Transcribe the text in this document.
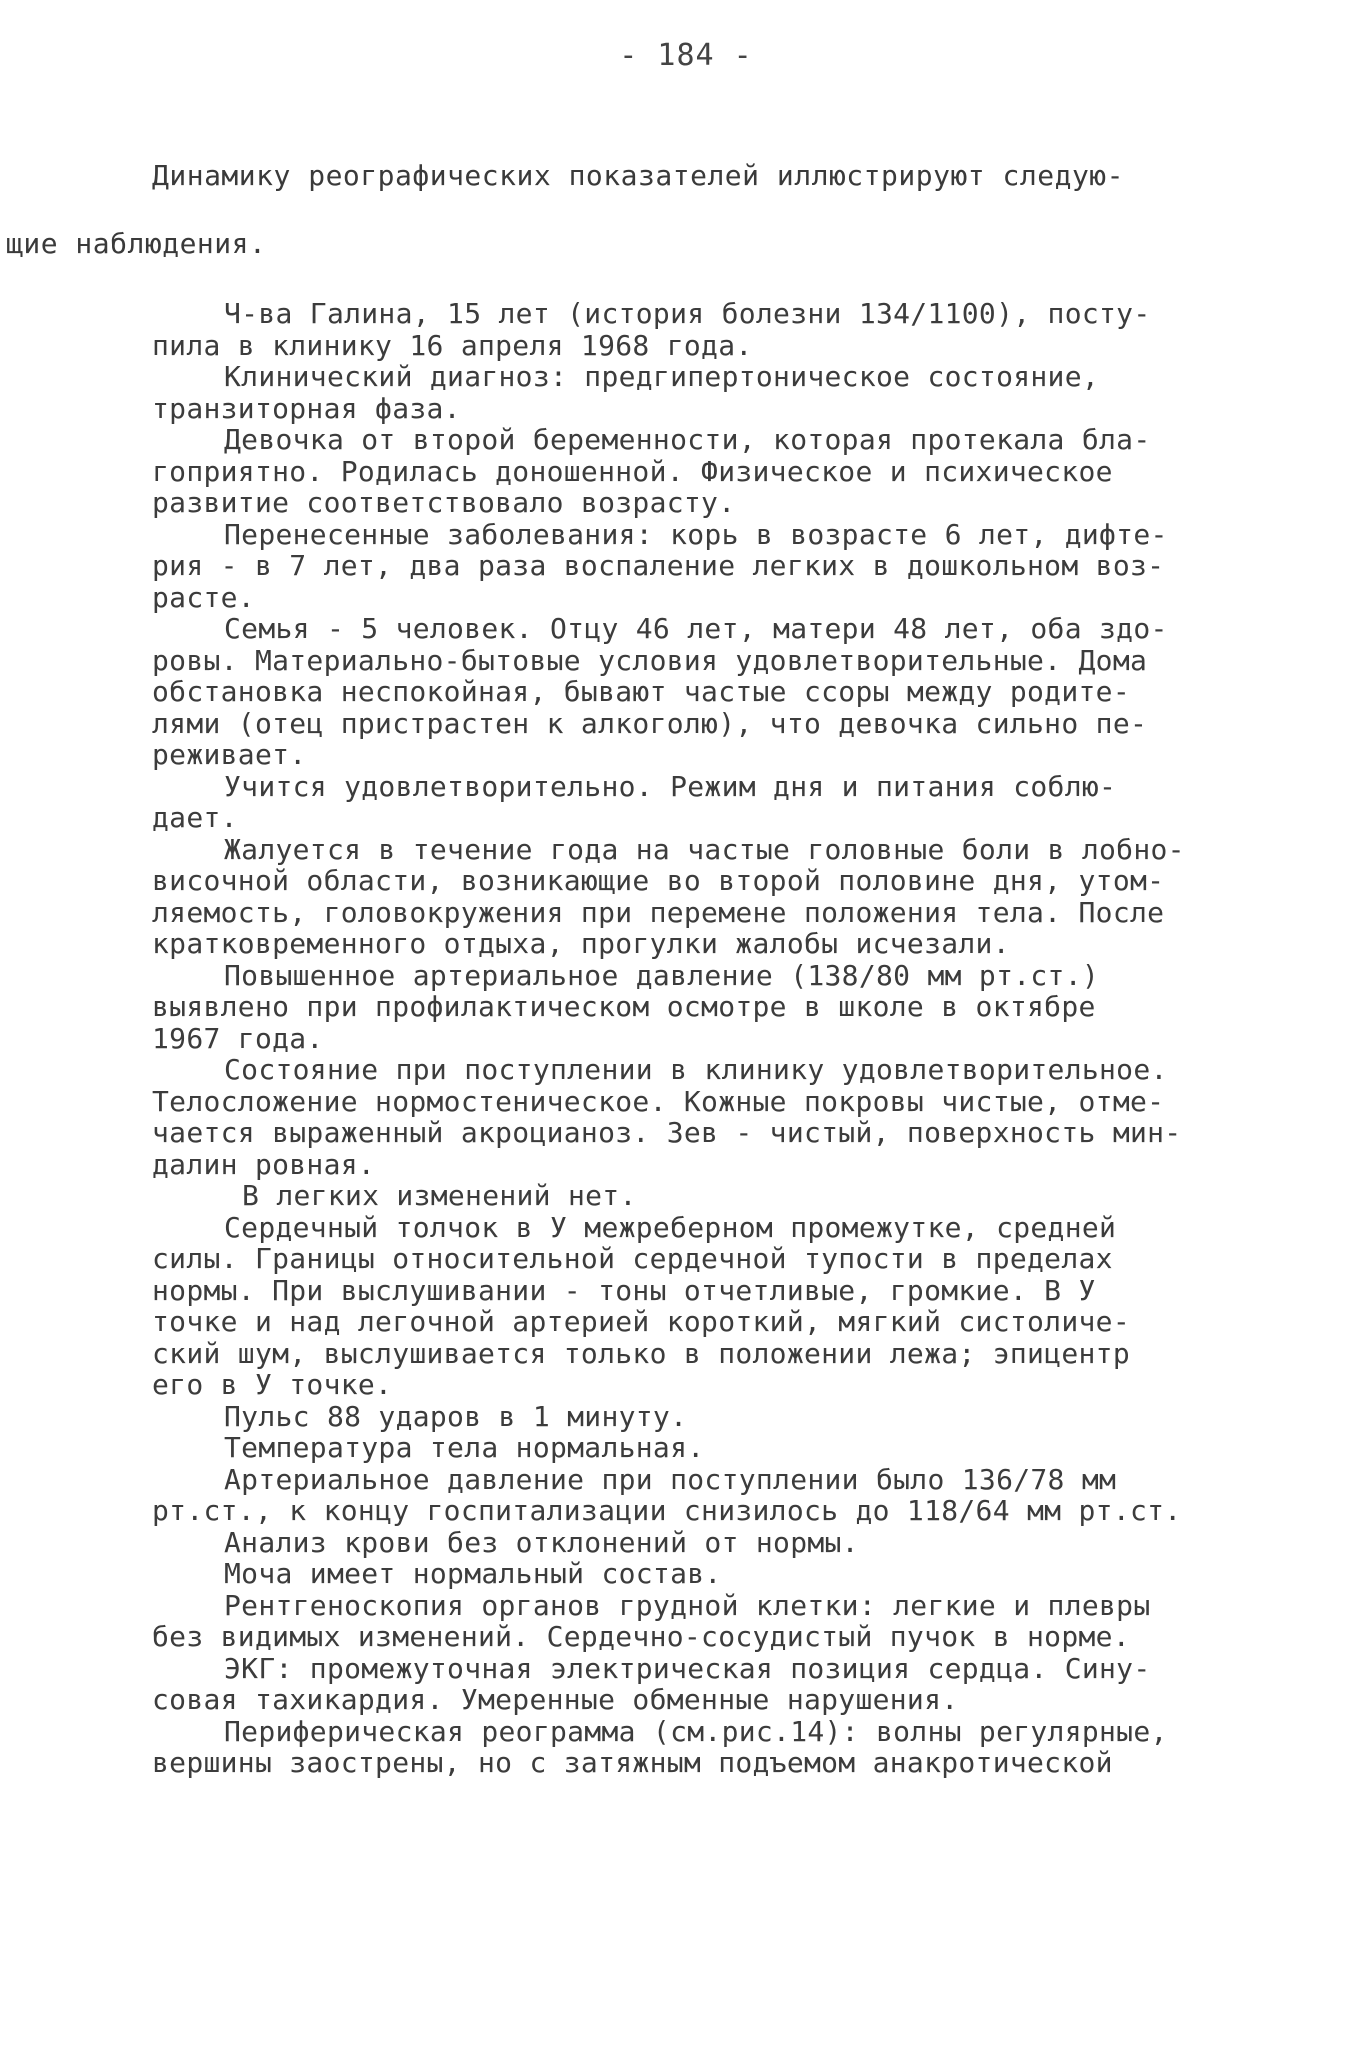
- 184 -
Динамику реографических показателей иллюстрируют следую-
щие наблюдения.
Ч-ва Галина, 15 лет (история болезни 134/1100), посту-
пила в клинику 16 апреля 1968 года.
Клинический диагноз: предгипертоническое состояние,
транзиторная фаза.
Девочка от второй беременности, которая протекала бла-
гоприятно. Родилась доношенной. Физическое и психическое
развитие соответствовало возрасту.
Перенесенные заболевания: корь в возрасте 6 лет, дифте-
рия - в 7 лет, два раза воспаление легких в дошкольном воз-
расте.
Семья - 5 человек. Отцу 46 лет, матери 48 лет, оба здо-
ровы. Материально-бытовые условия удовлетворительные. Дома
обстановка неспокойная, бывают частые ссоры между родите-
лями (отец пристрастен к алкоголю), что девочка сильно пе-
реживает.
Учится удовлетворительно. Режим дня и питания соблю-
дает.
Жалуется в течение года на частые головные боли в лобно-
височной области, возникающие во второй половине дня, утом-
ляемость, головокружения при перемене положения тела. После
кратковременного отдыха, прогулки жалобы исчезали.
Повышенное артериальное давление (138/80 мм рт.ст.)
выявлено при профилактическом осмотре в школе в октябре
1967 года.
Состояние при поступлении в клинику удовлетворительное.
Телосложение нормостеническое. Кожные покровы чистые, отме-
чается выраженный акроцианоз. Зев - чистый, поверхность мин-
далин ровная.
В легких изменений нет.
Сердечный толчок в У межреберном промежутке, средней
силы. Границы относительной сердечной тупости в пределах
нормы. При выслушивании - тоны отчетливые, громкие. В У
точке и над легочной артерией короткий, мягкий систоличе-
ский шум, выслушивается только в положении лежа; эпицентр
его в У точке.
Пульс 88 ударов в 1 минуту.
Температура тела нормальная.
Артериальное давление при поступлении было 136/78 мм
рт.ст., к концу госпитализации снизилось до 118/64 мм рт.ст.
Анализ крови без отклонений от нормы.
Моча имеет нормальный состав.
Рентгеноскопия органов грудной клетки: легкие и плевры
без видимых изменений. Сердечно-сосудистый пучок в норме.
ЭКГ: промежуточная электрическая позиция сердца. Сину-
совая тахикардия. Умеренные обменные нарушения.
Периферическая реограмма (см.рис.14): волны регулярные,
вершины заострены, но с затяжным подъемом анакротической
